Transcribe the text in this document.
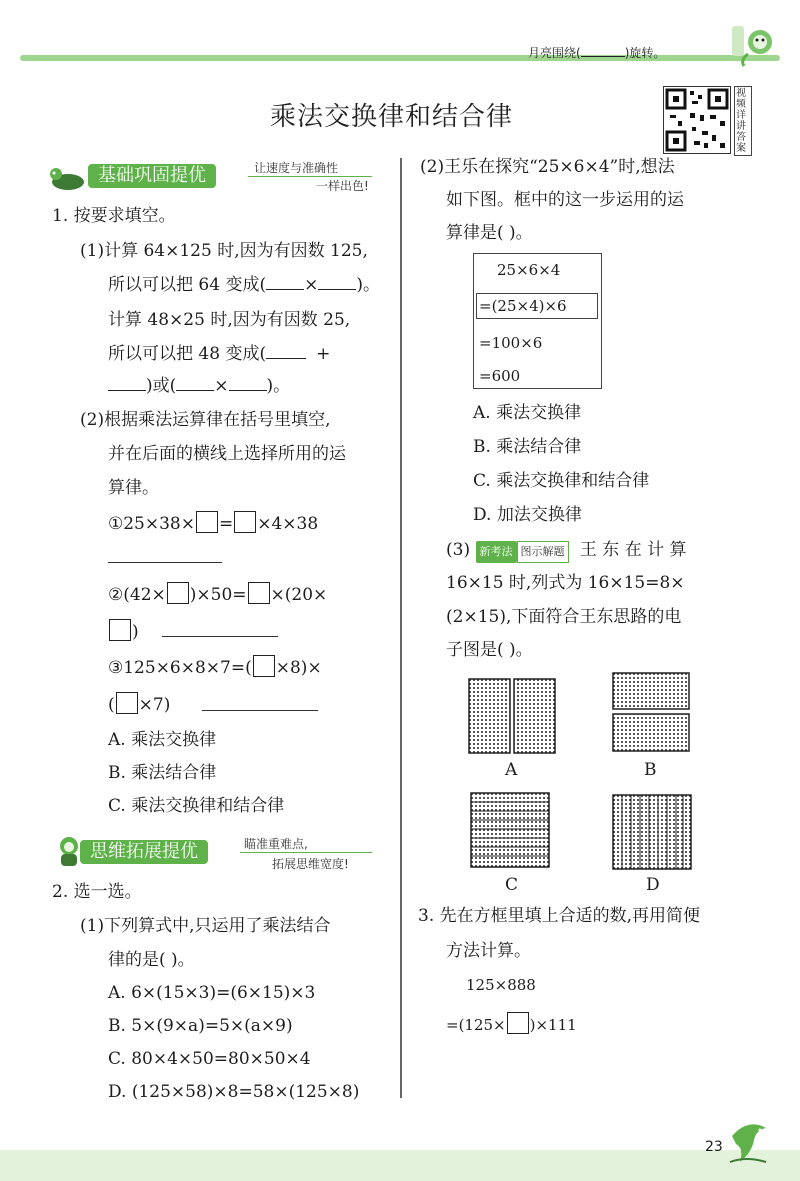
月亮围绕(	)旋转。
乘法交换律和结合律
视频详讲答案
基础巩固提优	让速度与准确性
一样出色!
1. 按要求填空。
(1)计算 64×125 时,因为有因数 125,
所以可以把 64 变成( × )。
计算 48×25 时,因为有因数 25,
所以可以把 48 变成(	+
)或( × )。
(2)根据乘法运算律在括号里填空,
并在后面的横线上选择所用的运
算律。
①25×38× = ×4×38
②(42× )×50= ×(20×
)
③125×6×8×7=( ×8)×
( ×7)
A. 乘法交换律
B. 乘法结合律
C. 乘法交换律和结合律
思维拓展提优	瞄准重难点,
拓展思维宽度!
2. 选一选。
(1)下列算式中,只运用了乘法结合
律的是( )。
A. 6×(15×3)=(6×15)×3
B. 5×(9×a)=5×(a×9)
C. 80×4×50=80×50×4
D. (125×58)×8=58×(125×8)
(2)王乐在探究“25×6×4”时,想法
如下图。框中的这一步运用的运
算律是( )。
25×6×4
=(25×4)×6
=100×6
=600
A. 乘法交换律
B. 乘法结合律
C. 乘法交换律和结合律
D. 加法交换律
(3) 新考法 图示解题 王 东 在 计 算
16×15 时,列式为 16×15=8×
(2×15),下面符合王东思路的电
子图是( )。
A	B
C	D
3. 先在方框里填上合适的数,再用简便
方法计算。
125×888
=(125× )×111
23
